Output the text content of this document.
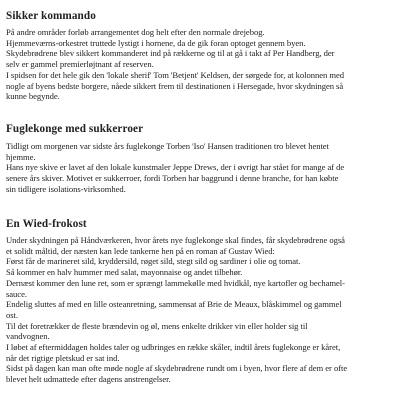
Sikker kommando

På andre områder forløb arrangementet dog helt efter den normale drejebog.
Hjemmeværns-orkestret truttede lystigt i hornene, da de gik foran optoget gennem byen.
Skydebrødrene blev sikkert kommanderet ind på rækkerne og til at gå i takt af Per Handberg, der
selv er gammel premierløjtnant af reserven.
I spidsen for det hele gik den 'lokale sherif' Tom 'Betjent' Keldsen, der sørgede for, at kolonnen med
nogle af byens bedste borgere, nåede sikkert frem til destinationen i Hersegade, hvor skydningen så
kunne begynde.

Fuglekonge med sukkerroer

Tidligt om morgenen var sidste års fuglekonge Torben 'Iso' Hansen traditionen tro blevet hentet
hjemme.
Hans nye skive er lavet af den lokale kunstmaler Jeppe Drews, der i øvrigt har stået for mange af de
senere års skiver. Motivet er sukkerroer, fordi Torben har baggrund i denne branche, for han købte
sin tidligere isolations-virksomhed.

En Wied-frokost

Under skydningen på Håndværkeren, hvor årets nye fuglekonge skal findes, får skydebrødrene også
et solidt måltid, der næsten kan lede tankerne hen på en roman af Gustav Wied:
Først får de marineret sild, kryddersild, røget sild, stegt sild og sardiner i olie og tomat.
Så kommer en halv hummer med salat, mayonnaise og andet tilbehør.
Dernæst kommer den lune ret, som er sprængt lammekølle med hvidkål, nye kartofler og bechamel-
sauce.
Endelig sluttes af med en lille osteanretning, sammensat af Brie de Meaux, blåskimmel og gammel
ost.
Til det foretrækker de fleste brændevin og øl, mens enkelte drikker vin eller holder sig til
vandvognen.
I løbet af eftermiddagen holdes taler og udbringes en række skåler, indtil årets fuglekonge er kåret,
når det rigtige pletskud er sat ind.
Sidst på dagen kan man ofte møde nogle af skydebrødrene rundt om i byen, hvor flere af dem er ofte
blevet helt udmattede efter dagens anstrengelser.
